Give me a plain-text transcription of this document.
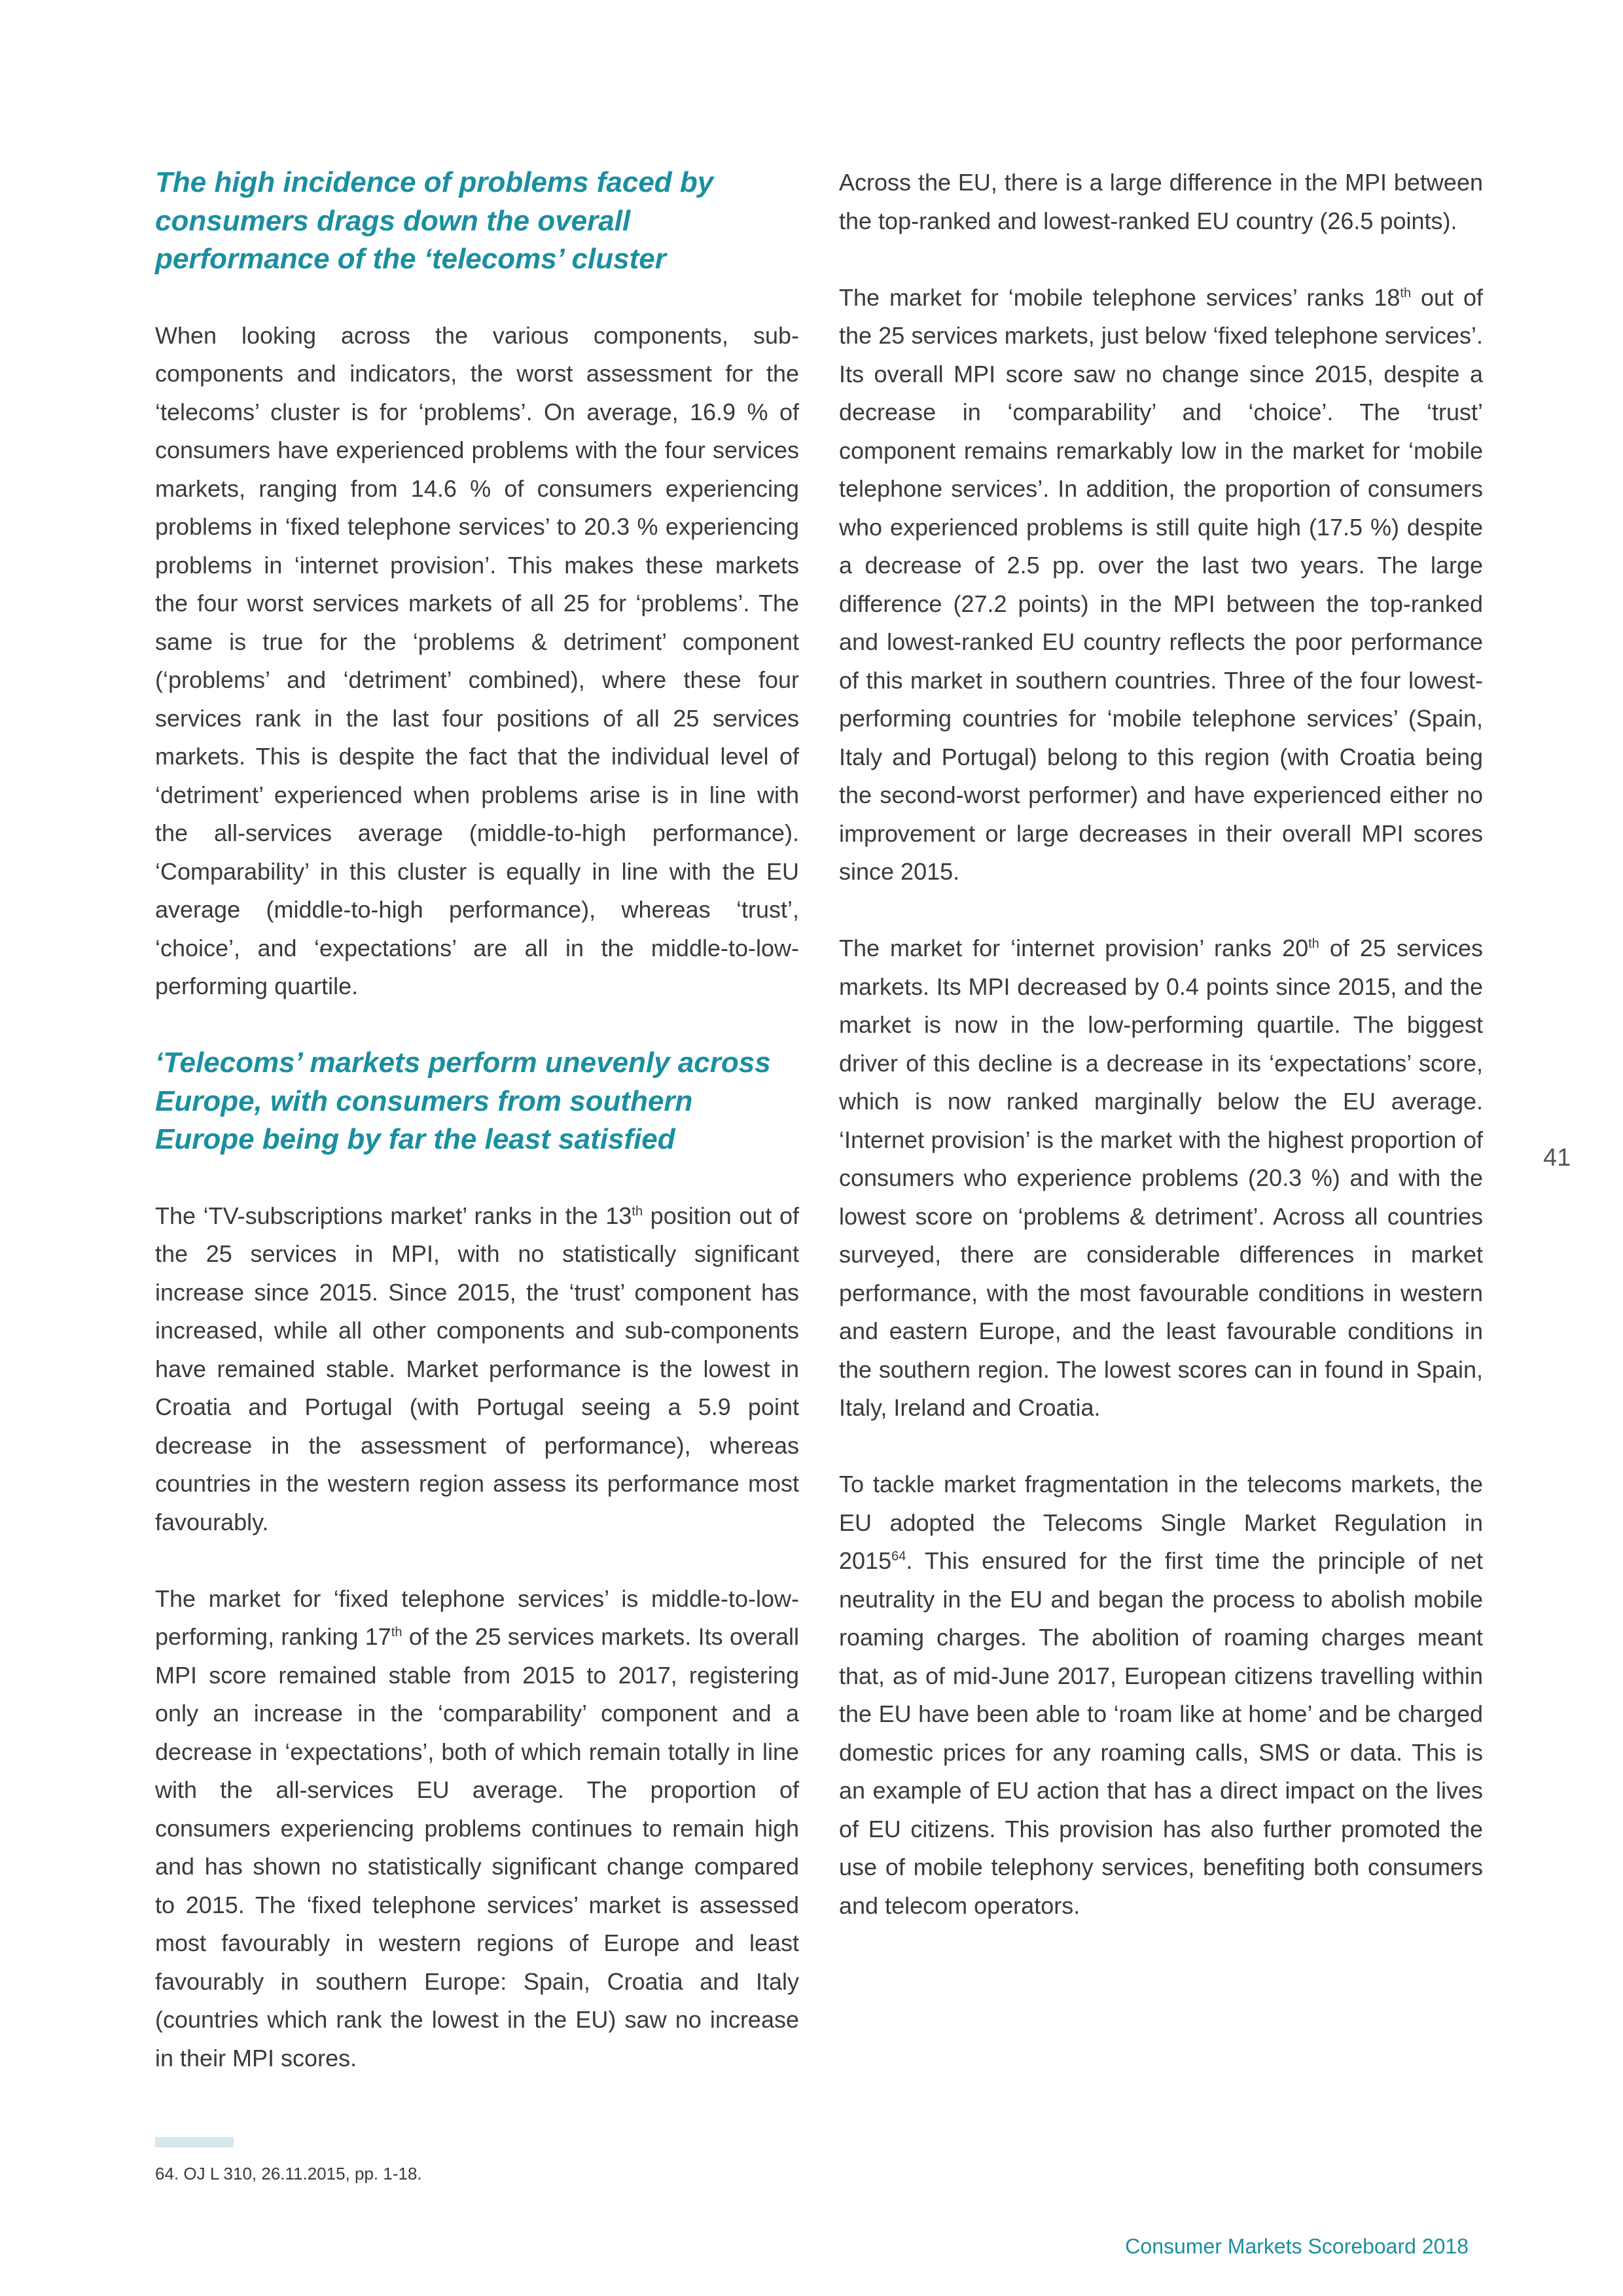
The high incidence of problems faced by consumers drags down the overall performance of the ‘telecoms’ cluster

When looking across the various components, sub-components and indicators, the worst assessment for the ‘telecoms’ cluster is for ‘problems’. On average, 16.9 % of consumers have experienced problems with the four services markets, ranging from 14.6 % of consumers experiencing problems in ‘fixed telephone services’ to 20.3 % experiencing problems in ‘internet provision’. This makes these markets the four worst services markets of all 25 for ‘problems’. The same is true for the ‘problems & detriment’ component (‘problems’ and ‘detriment’ combined), where these four services rank in the last four positions of all 25 services markets. This is despite the fact that the individual level of ‘detriment’ experienced when problems arise is in line with the all-services average (middle-to-high performance). ‘Comparability’ in this cluster is equally in line with the EU average (middle-to-high performance), whereas ‘trust’, ‘choice’, and ‘expectations’ are all in the middle-to-low-performing quartile.

‘Telecoms’ markets perform unevenly across Europe, with consumers from southern Europe being by far the least satisfied

The ‘TV-subscriptions market’ ranks in the 13th position out of the 25 services in MPI, with no statistically significant increase since 2015. Since 2015, the ‘trust’ component has increased, while all other components and sub-components have remained stable. Market performance is the lowest in Croatia and Portugal (with Portugal seeing a 5.9 point decrease in the assessment of performance), whereas countries in the western region assess its performance most favourably.

The market for ‘fixed telephone services’ is middle-to-low-performing, ranking 17th of the 25 services markets. Its overall MPI score remained stable from 2015 to 2017, registering only an increase in the ‘comparability’ component and a decrease in ‘expectations’, both of which remain totally in line with the all-services EU average. The proportion of consumers experiencing problems continues to remain high and has shown no statistically significant change compared to 2015. The ‘fixed telephone services’ market is assessed most favourably in western regions of Europe and least favourably in southern Europe: Spain, Croatia and Italy (countries which rank the lowest in the EU) saw no increase in their MPI scores.

Across the EU, there is a large difference in the MPI between the top-ranked and lowest-ranked EU country (26.5 points).

The market for ‘mobile telephone services’ ranks 18th out of the 25 services markets, just below ‘fixed telephone services’. Its overall MPI score saw no change since 2015, despite a decrease in ‘comparability’ and ‘choice’. The ‘trust’ component remains remarkably low in the market for ‘mobile telephone services’. In addition, the proportion of consumers who experienced problems is still quite high (17.5 %) despite a decrease of 2.5 pp. over the last two years. The large difference (27.2 points) in the MPI between the top-ranked and lowest-ranked EU country reflects the poor performance of this market in southern countries. Three of the four lowest-performing countries for ‘mobile telephone services’ (Spain, Italy and Portugal) belong to this region (with Croatia being the second-worst performer) and have experienced either no improvement or large decreases in their overall MPI scores since 2015.

The market for ‘internet provision’ ranks 20th of 25 services markets. Its MPI decreased by 0.4 points since 2015, and the market is now in the low-performing quartile. The biggest driver of this decline is a decrease in its ‘expectations’ score, which is now ranked marginally below the EU average. ‘Internet provision’ is the market with the highest proportion of consumers who experience problems (20.3 %) and with the lowest score on ‘problems & detriment’. Across all countries surveyed, there are considerable differences in market performance, with the most favourable conditions in western and eastern Europe, and the least favourable conditions in the southern region. The lowest scores can in found in Spain, Italy, Ireland and Croatia.

To tackle market fragmentation in the telecoms markets, the EU adopted the Telecoms Single Market Regulation in 2015$^{64}$. This ensured for the first time the principle of net neutrality in the EU and began the process to abolish mobile roaming charges. The abolition of roaming charges meant that, as of mid-June 2017, European citizens travelling within the EU have been able to ‘roam like at home’ and be charged domestic prices for any roaming calls, SMS or data. This is an example of EU action that has a direct impact on the lives of EU citizens. This provision has also further promoted the use of mobile telephony services, benefiting both consumers and telecom operators.

41
64. OJ L 310, 26.11.2015, pp. 1-18.
Consumer Markets Scoreboard 2018
